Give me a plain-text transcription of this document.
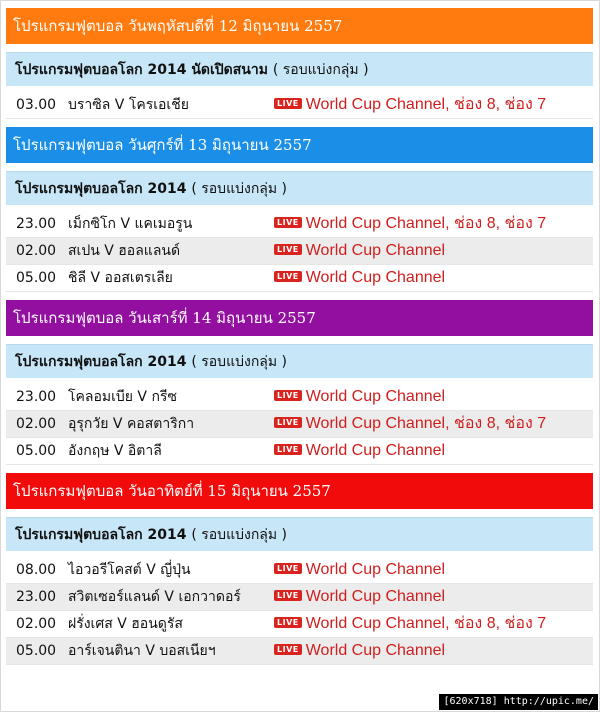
โปรแกรมฟุตบอล วันพฤหัสบดีที่ 12 มิถุนายน 2557
โปรแกรมฟุตบอลโลก 2014 นัดเปิดสนาม ( รอบแบ่งกลุ่ม )
03.00 บราซิล V โครเอเชีย	LIVE World Cup Channel, ช่อง 8, ช่อง 7
โปรแกรมฟุตบอล วันศุกร์ที่ 13 มิถุนายน 2557
โปรแกรมฟุตบอลโลก 2014 ( รอบแบ่งกลุ่ม )
23.00 เม็กซิโก V แคเมอรูน	LIVE World Cup Channel, ช่อง 8, ช่อง 7
02.00 สเปน V ฮอลแลนด์	LIVE World Cup Channel
05.00 ชิลี V ออสเตรเลีย	LIVE World Cup Channel
โปรแกรมฟุตบอล วันเสาร์ที่ 14 มิถุนายน 2557
โปรแกรมฟุตบอลโลก 2014 ( รอบแบ่งกลุ่ม )
23.00 โคลอมเบีย V กรีซ	LIVE World Cup Channel
02.00 อุรุกวัย V คอสตาริกา	LIVE World Cup Channel, ช่อง 8, ช่อง 7
05.00 อังกฤษ V อิตาลี	LIVE World Cup Channel
โปรแกรมฟุตบอล วันอาทิตย์ที่ 15 มิถุนายน 2557
โปรแกรมฟุตบอลโลก 2014 ( รอบแบ่งกลุ่ม )
08.00 ไอวอรีโคสต์ V ญี่ปุ่น	LIVE World Cup Channel
23.00 สวิตเซอร์แลนด์ V เอกวาดอร์	LIVE World Cup Channel
02.00 ฝรั่งเศส V ฮอนดูรัส	LIVE World Cup Channel, ช่อง 8, ช่อง 7
05.00 อาร์เจนตินา V บอสเนียฯ	LIVE World Cup Channel
[620x718] http://upic.me/
